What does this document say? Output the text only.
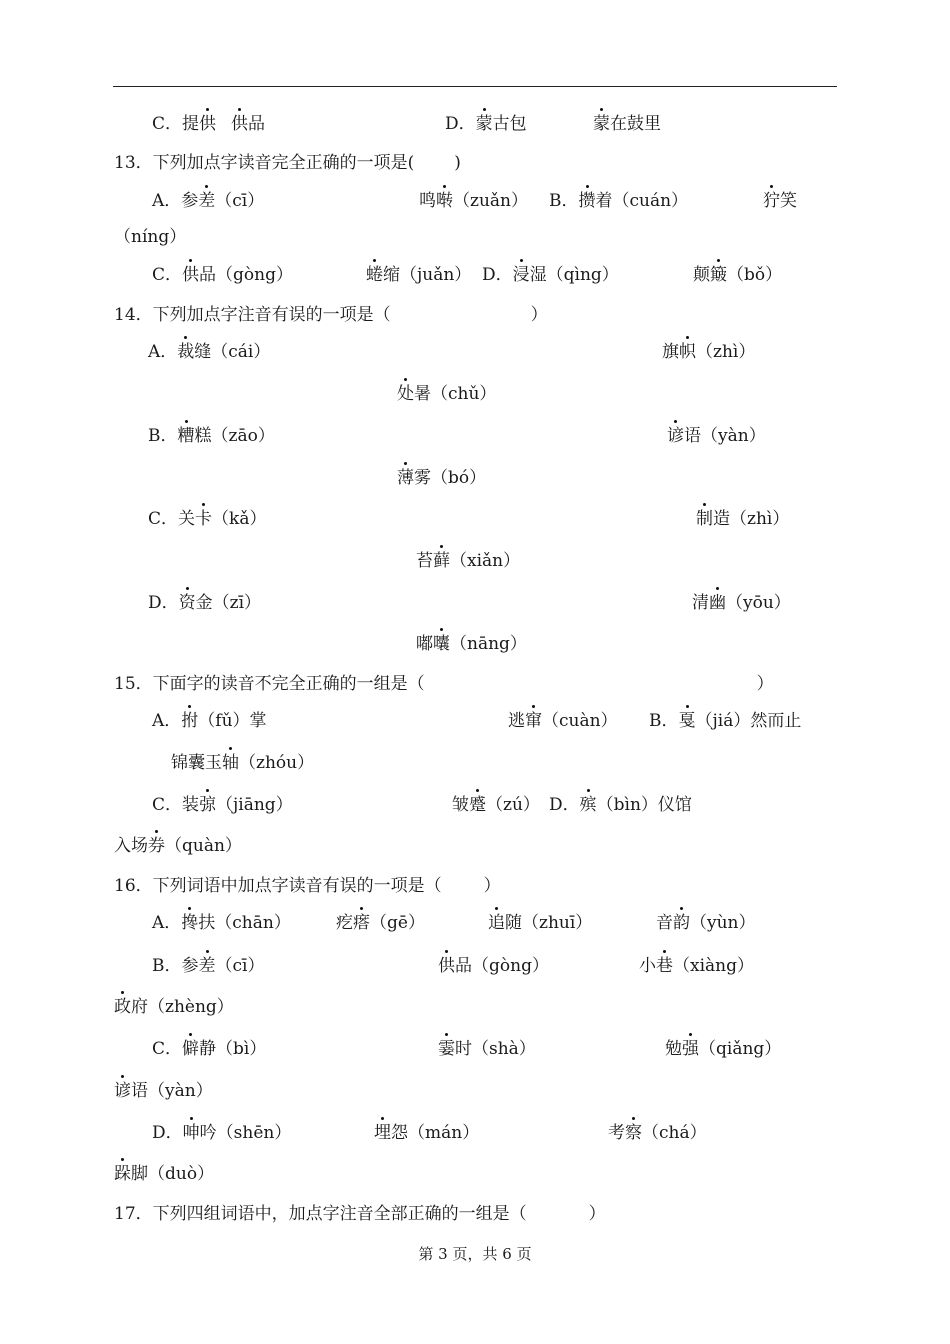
C．提供 供品	D．蒙古包	蒙在鼓里
13．下列加点字读音完全正确的一项是( )
A．参差（cī）	鸣啭（zuǎn） B．攒着（cuán）	狞笑
（níng）
C．供品（gòng）	蜷缩（juǎn） D．浸湿（qìng）	颠簸（bǒ）
14．下列加点字注音有误的一项是（	）
A．裁缝（cái）	旗帜（zhì）
处暑（chǔ）
B．糟糕（zāo）	谚语（yàn）
薄雾（bó）
C．关卡（kǎ）	制造（zhì）
苔藓（xiǎn）
D．资金（zī）	清幽（yōu）
嘟囔（nāng）
15．下面字的读音不完全正确的一组是（	）
A．拊（fǔ）掌	逃窜（cuàn） B．戛（jiá）然而止
锦囊玉轴（zhóu）
C．装弶（jiāng）	皱蹙（zú） D．殡（bìn）仪馆
入场券（quàn）
16．下列词语中加点字读音有误的一项是（ ）
A．搀扶（chān）	疙瘩（gē）	追随（zhuī）	音韵（yùn）
B．参差（cī）	供品（gòng）	小巷（xiàng）
政府（zhèng）
C．僻静（bì）	霎时（shà）	勉强（qiǎng）
谚语（yàn）
D．呻吟（shēn）	埋怨（mán）	考察（chá）
跺脚（duò）
17．下列四组词语中，加点字注音全部正确的一组是（	）
第 3 页，共 6 页
